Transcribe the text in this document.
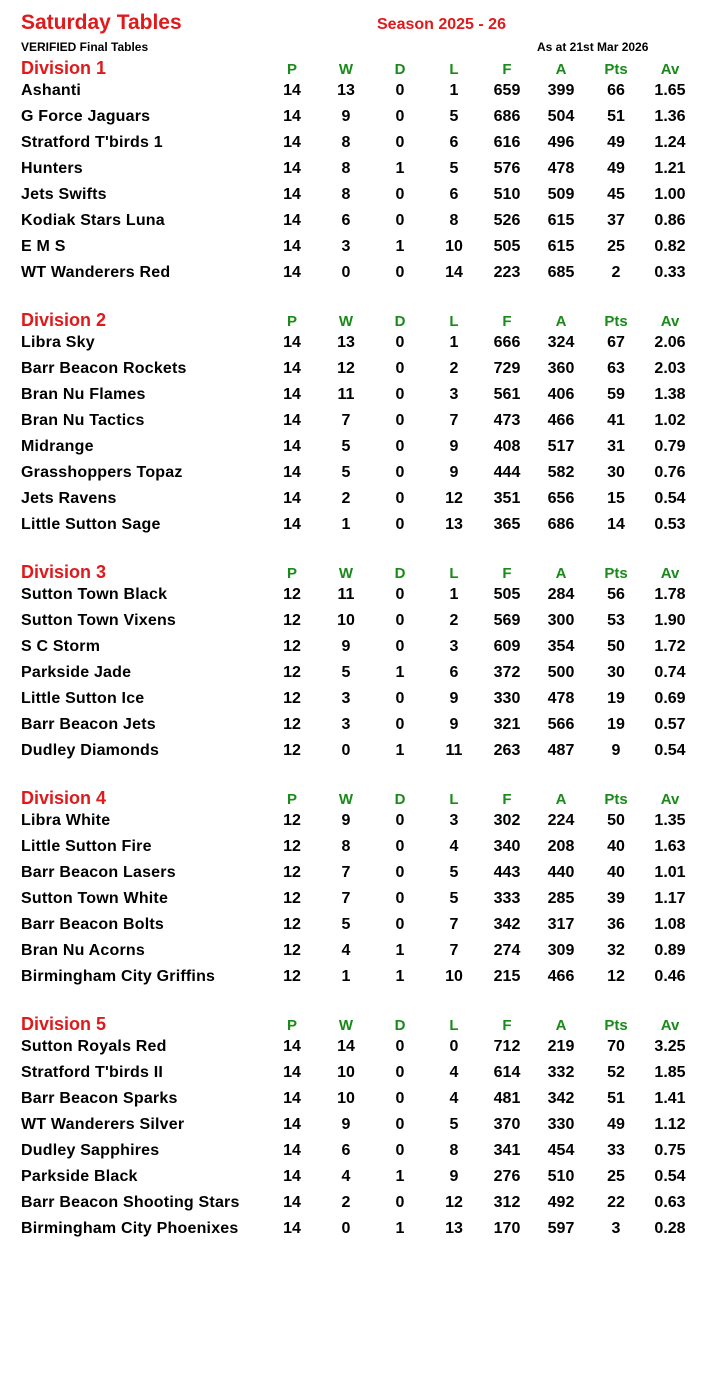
Saturday Tables	Season 2025 - 26
VERIFIED Final Tables	As at 21st Mar 2026
Division 1	P	W	D	L	F	A	Pts	Av
Ashanti	14	13	0	1	659	399	66	1.65
G Force Jaguars	14	9	0	5	686	504	51	1.36
Stratford T'birds 1	14	8	0	6	616	496	49	1.24
Hunters	14	8	1	5	576	478	49	1.21
Jets Swifts	14	8	0	6	510	509	45	1.00
Kodiak Stars Luna	14	6	0	8	526	615	37	0.86
E M S	14	3	1	10	505	615	25	0.82
WT Wanderers Red	14	0	0	14	223	685	2	0.33
Division 2	P	W	D	L	F	A	Pts	Av
Libra Sky	14	13	0	1	666	324	67	2.06
Barr Beacon Rockets	14	12	0	2	729	360	63	2.03
Bran Nu Flames	14	11	0	3	561	406	59	1.38
Bran Nu Tactics	14	7	0	7	473	466	41	1.02
Midrange	14	5	0	9	408	517	31	0.79
Grasshoppers Topaz	14	5	0	9	444	582	30	0.76
Jets Ravens	14	2	0	12	351	656	15	0.54
Little Sutton Sage	14	1	0	13	365	686	14	0.53
Division 3	P	W	D	L	F	A	Pts	Av
Sutton Town Black	12	11	0	1	505	284	56	1.78
Sutton Town Vixens	12	10	0	2	569	300	53	1.90
S C Storm	12	9	0	3	609	354	50	1.72
Parkside Jade	12	5	1	6	372	500	30	0.74
Little Sutton Ice	12	3	0	9	330	478	19	0.69
Barr Beacon Jets	12	3	0	9	321	566	19	0.57
Dudley Diamonds	12	0	1	11	263	487	9	0.54
Division 4	P	W	D	L	F	A	Pts	Av
Libra White	12	9	0	3	302	224	50	1.35
Little Sutton Fire	12	8	0	4	340	208	40	1.63
Barr Beacon Lasers	12	7	0	5	443	440	40	1.01
Sutton Town White	12	7	0	5	333	285	39	1.17
Barr Beacon Bolts	12	5	0	7	342	317	36	1.08
Bran Nu Acorns	12	4	1	7	274	309	32	0.89
Birmingham City Griffins	12	1	1	10	215	466	12	0.46
Division 5	P	W	D	L	F	A	Pts	Av
Sutton Royals Red	14	14	0	0	712	219	70	3.25
Stratford T'birds II	14	10	0	4	614	332	52	1.85
Barr Beacon Sparks	14	10	0	4	481	342	51	1.41
WT Wanderers Silver	14	9	0	5	370	330	49	1.12
Dudley Sapphires	14	6	0	8	341	454	33	0.75
Parkside Black	14	4	1	9	276	510	25	0.54
Barr Beacon Shooting Stars	14	2	0	12	312	492	22	0.63
Birmingham City Phoenixes	14	0	1	13	170	597	3	0.28
